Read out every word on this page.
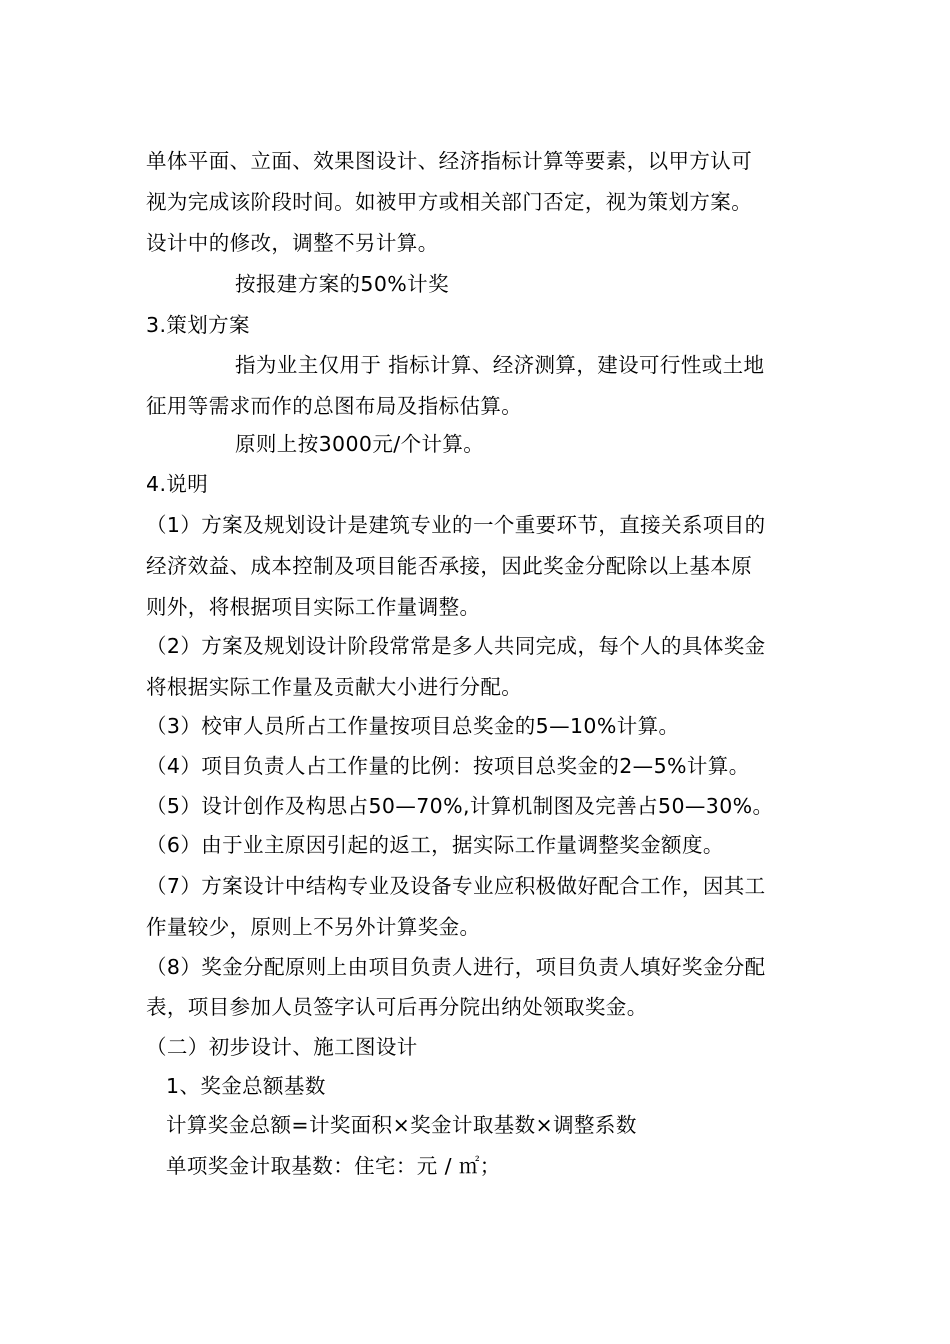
单体平面、立面、效果图设计、经济指标计算等要素，以甲方认可
视为完成该阶段时间。如被甲方或相关部门否定，视为策划方案。
设计中的修改，调整不另计算。
按报建方案的50%计奖
3.策划方案
指为业主仅用于 指标计算、经济测算，建设可行性或土地
征用等需求而作的总图布局及指标估算。
原则上按3000元/个计算。
4.说明
（1）方案及规划设计是建筑专业的一个重要环节，直接关系项目的
经济效益、成本控制及项目能否承接，因此奖金分配除以上基本原
则外，将根据项目实际工作量调整。
（2）方案及规划设计阶段常常是多人共同完成，每个人的具体奖金
将根据实际工作量及贡献大小进行分配。
（3）校审人员所占工作量按项目总奖金的5—10%计算。
（4）项目负责人占工作量的比例：按项目总奖金的2—5%计算。
（5）设计创作及构思占50—70%,计算机制图及完善占50—30%。
（6）由于业主原因引起的返工，据实际工作量调整奖金额度。
（7）方案设计中结构专业及设备专业应积极做好配合工作，因其工
作量较少，原则上不另外计算奖金。
（8）奖金分配原则上由项目负责人进行，项目负责人填好奖金分配
表，项目参加人员签字认可后再分院出纳处领取奖金。
（二）初步设计、施工图设计
1、奖金总额基数
计算奖金总额=计奖面积×奖金计取基数×调整系数
单项奖金计取基数：住宅：元 / ㎡；
